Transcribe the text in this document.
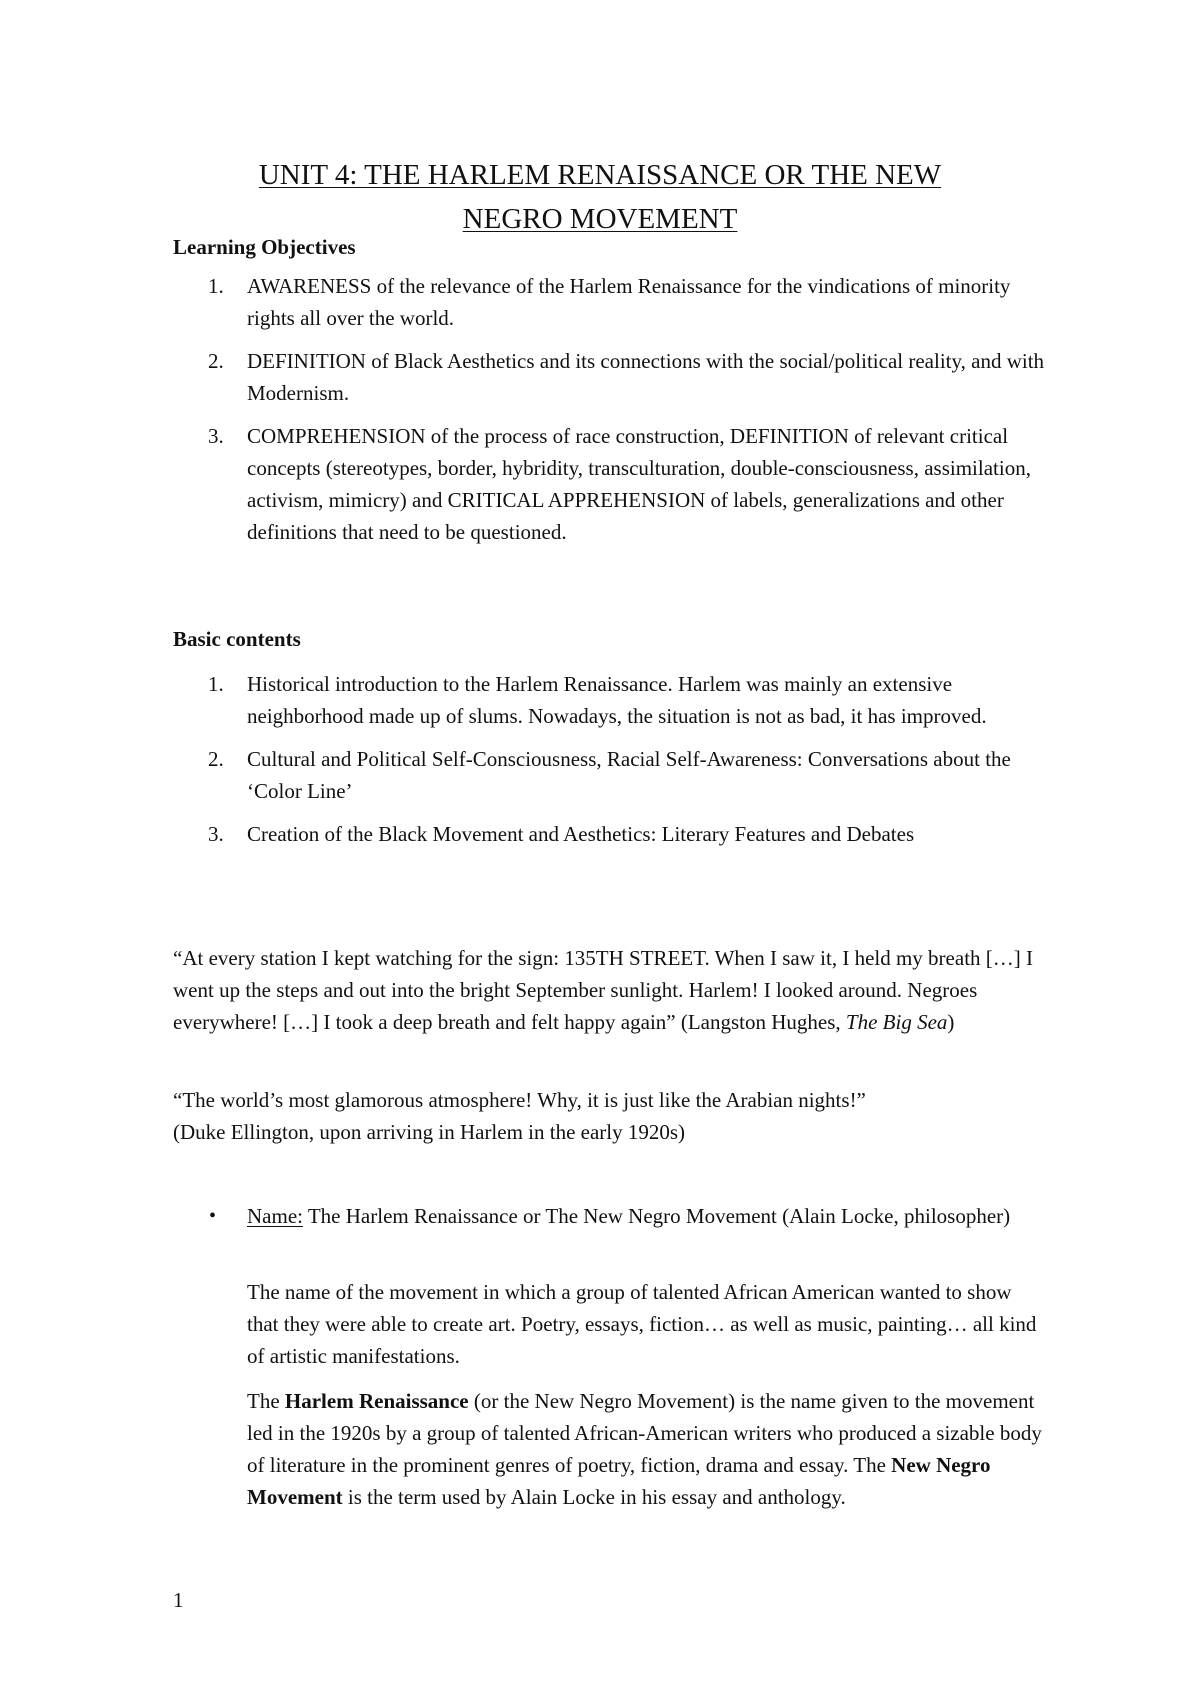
UNIT 4: THE HARLEM RENAISSANCE OR THE NEW
NEGRO MOVEMENT
Learning Objectives
1. AWARENESS of the relevance of the Harlem Renaissance for the vindications of minority rights all over the world.
2. DEFINITION of Black Aesthetics and its connections with the social/political reality, and with Modernism.
3. COMPREHENSION of the process of race construction, DEFINITION of relevant critical concepts (stereotypes, border, hybridity, transculturation, double-consciousness, assimilation, activism, mimicry) and CRITICAL APPREHENSION of labels, generalizations and other definitions that need to be questioned.
Basic contents
1. Historical introduction to the Harlem Renaissance. Harlem was mainly an extensive neighborhood made up of slums. Nowadays, the situation is not as bad, it has improved.
2. Cultural and Political Self-Consciousness, Racial Self-Awareness: Conversations about the ‘Color Line’
3. Creation of the Black Movement and Aesthetics: Literary Features and Debates

“At every station I kept watching for the sign: 135TH STREET. When I saw it, I held my breath […] I went up the steps and out into the bright September sunlight. Harlem! I looked around. Negroes everywhere! […] I took a deep breath and felt happy again” (Langston Hughes, The Big Sea)

“The world’s most glamorous atmosphere! Why, it is just like the Arabian nights!”
(Duke Ellington, upon arriving in Harlem in the early 1920s)

• Name: The Harlem Renaissance or The New Negro Movement (Alain Locke, philosopher)

The name of the movement in which a group of talented African American wanted to show that they were able to create art. Poetry, essays, fiction… as well as music, painting… all kind of artistic manifestations.

The Harlem Renaissance (or the New Negro Movement) is the name given to the movement led in the 1920s by a group of talented African-American writers who produced a sizable body of literature in the prominent genres of poetry, fiction, drama and essay. The New Negro Movement is the term used by Alain Locke in his essay and anthology.

1
